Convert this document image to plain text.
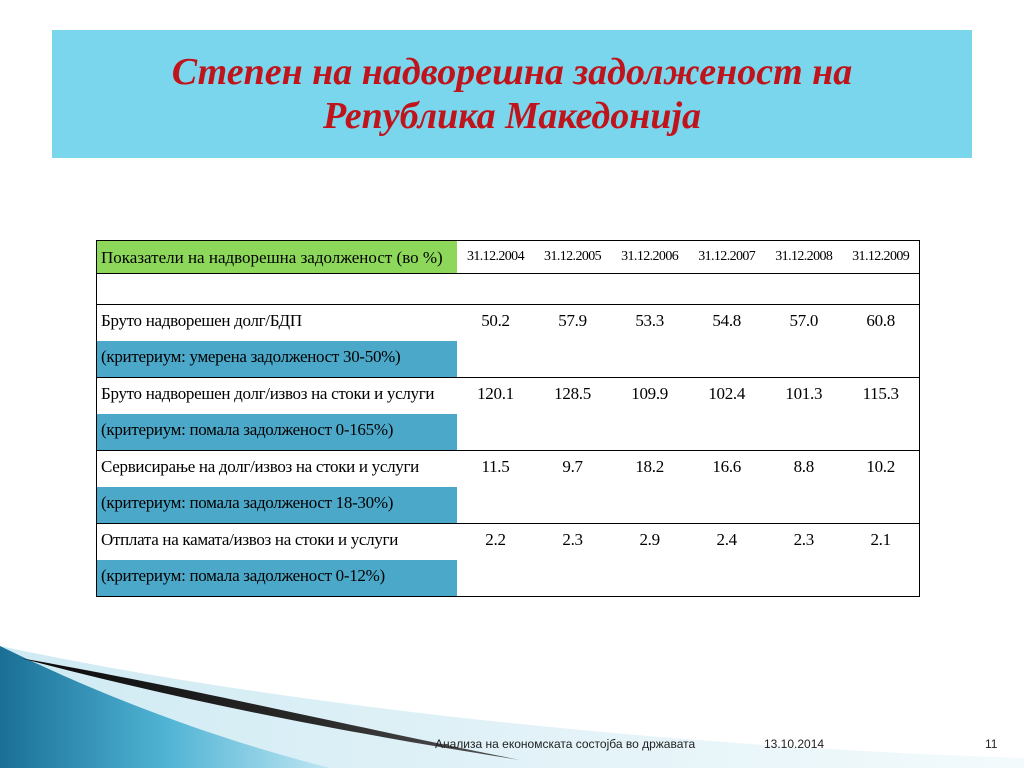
Степен на надворешна задолженост на
Република Македонија
Показатели на надворешна задолженост (во %)	31.12.2004	31.12.2005	31.12.2006	31.12.2007	31.12.2008	31.12.2009

Бруто надворешен долг/БДП	50.2	57.9	53.3	54.8	57.0	60.8
(критериум: умерена задолженост 30-50%)						
Бруто надворешен долг/извоз на стоки и услуги	120.1	128.5	109.9	102.4	101.3	115.3
(критериум: помала задолженост 0-165%)						
Сервисирање на долг/извоз на стоки и услуги	11.5	9.7	18.2	16.6	8.8	10.2
(критериум: помала задолженост 18-30%)						
Отплата на камата/извоз на стоки и услуги	2.2	2.3	2.9	2.4	2.3	2.1
(критериум: помала задолженост 0-12%)						
Анализа на економската состојба во државата	13.10.2014	11
